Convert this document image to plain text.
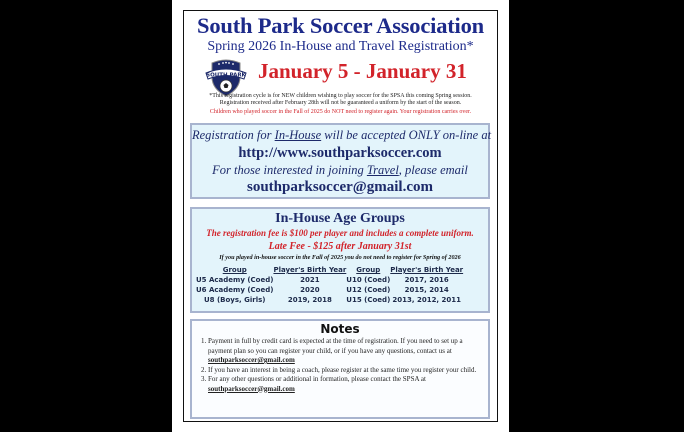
South Park Soccer Association
Spring 2026 In-House and Travel Registration*
SOUTH PARK January 5 - January 31
*This registration cycle is for NEW children wishing to play soccer for the SPSA this coming Spring session.
Registration received after February 28th will not be guaranteed a uniform by the start of the season.
Children who played soccer in the Fall of 2025 do NOT need to register again. Your registration carries over.
Registration for In-House will be accepted ONLY on-line at
http://www.southparksoccer.com
For those interested in joining Travel, please email
southparksoccer@gmail.com
In-House Age Groups
The registration fee is $100 per player and includes a complete uniform.
Late Fee - $125 after January 31st
If you played in-house soccer in the Fall of 2025 you do not need to register for Spring of 2026
Group	Player's Birth Year	Group	Player's Birth Year
U5 Academy (Coed)	2021	U10 (Coed)	2017, 2016
U6 Academy (Coed)	2020	U12 (Coed)	2015, 2014
U8 (Boys, Girls)	2019, 2018	U15 (Coed)	2013, 2012, 2011
Notes
1. Payment in full by credit card is expected at the time of registration. If you need to set up a payment plan so you can register your child, or if you have any questions, contact us at southparksoccer@gmail.com
2. If you have an interest in being a coach, please register at the same time you register your child.
3. For any other questions or additional in formation, please contact the SPSA at
southparksoccer@gmail.com
